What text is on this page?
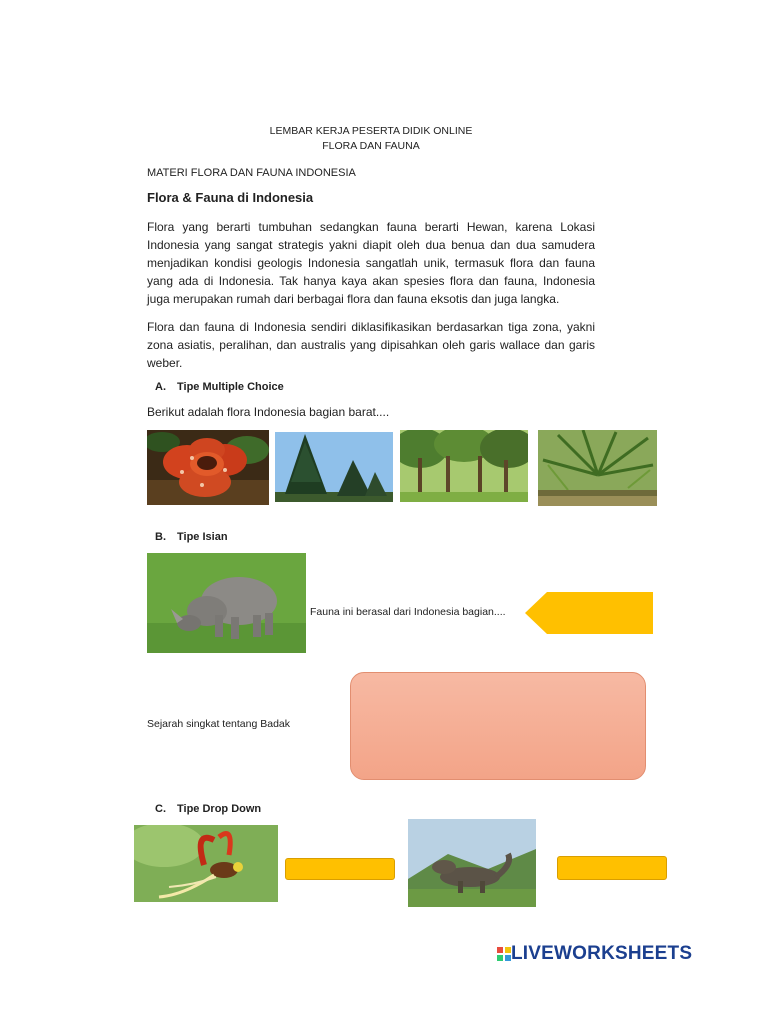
LEMBAR KERJA PESERTA DIDIK ONLINE
FLORA DAN FAUNA
MATERI FLORA DAN FAUNA INDONESIA
Flora & Fauna di Indonesia
Flora yang berarti tumbuhan sedangkan fauna berarti Hewan, karena Lokasi Indonesia yang sangat strategis yakni diapit oleh dua benua dan dua samudera menjadikan kondisi geologis Indonesia sangatlah unik, termasuk flora dan fauna yang ada di Indonesia. Tak hanya kaya akan spesies flora dan fauna, Indonesia juga merupakan rumah dari berbagai flora dan fauna eksotis dan juga langka.
Flora dan fauna di Indonesia sendiri diklasifikasikan berdasarkan tiga zona, yakni zona asiatis, peralihan, dan australis yang dipisahkan oleh garis wallace dan garis weber.
A. Tipe Multiple Choice
Berikut adalah flora Indonesia bagian barat....
B. Tipe Isian
Fauna ini berasal dari Indonesia bagian....
Sejarah singkat tentang Badak
C. Tipe Drop Down
LIVEWORKSHEETS
